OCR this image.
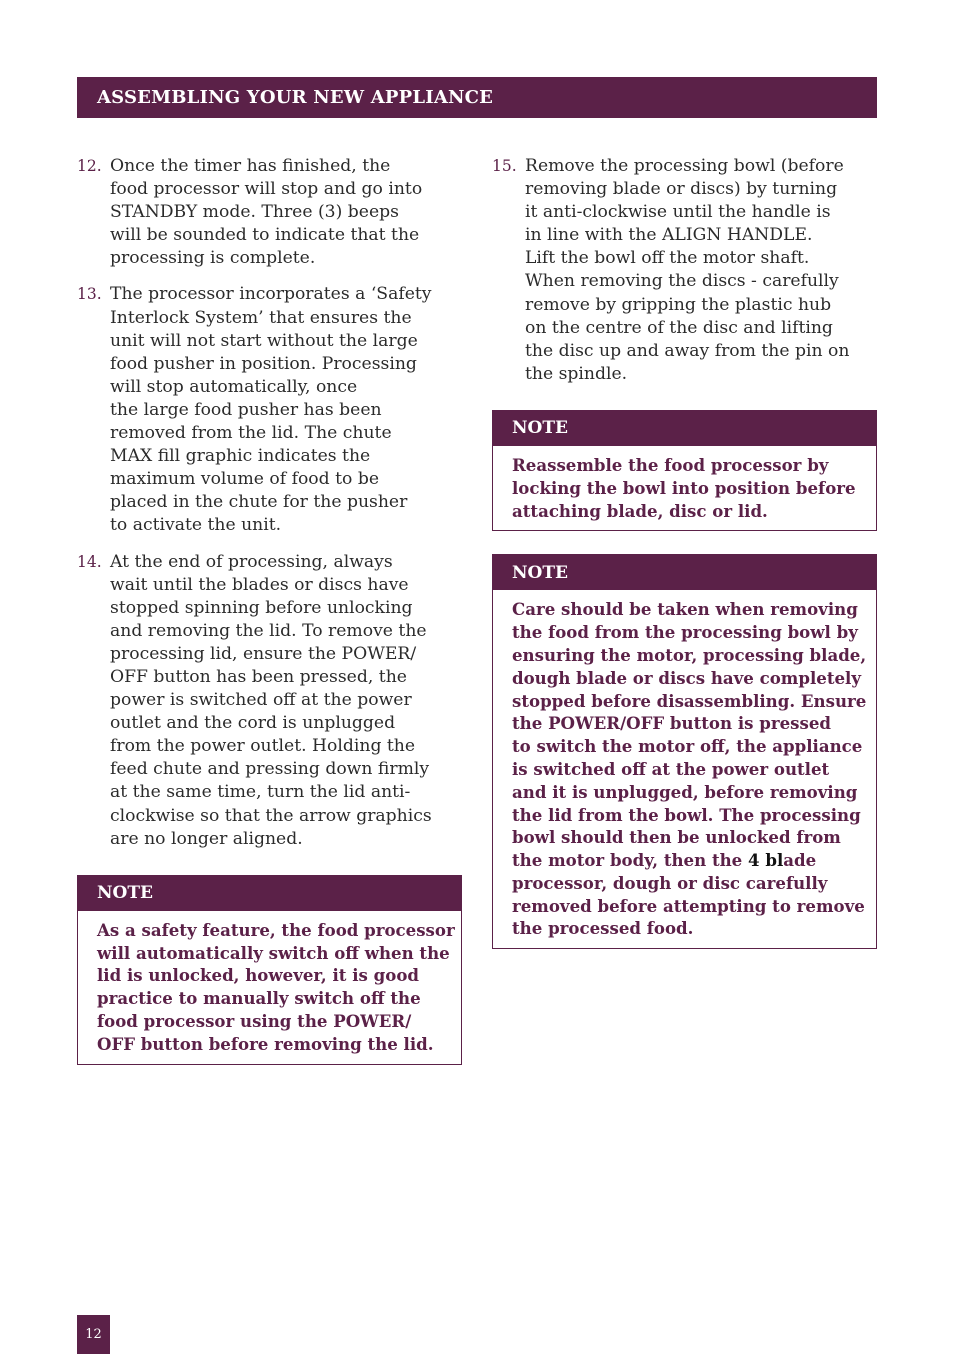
ASSEMBLING YOUR NEW APPLIANCE
12. Once the timer has finished, the
food processor will stop and go into
STANDBY mode. Three (3) beeps
will be sounded to indicate that the
processing is complete.
13. The processor incorporates a ‘Safety
Interlock System’ that ensures the
unit will not start without the large
food pusher in position. Processing
will stop automatically, once
the large food pusher has been
removed from the lid. The chute
MAX fill graphic indicates the
maximum volume of food to be
placed in the chute for the pusher
to activate the unit.
14. At the end of processing, always
wait until the blades or discs have
stopped spinning before unlocking
and removing the lid. To remove the
processing lid, ensure the POWER/
OFF button has been pressed, the
power is switched off at the power
outlet and the cord is unplugged
from the power outlet. Holding the
feed chute and pressing down firmly
at the same time, turn the lid anti-
clockwise so that the arrow graphics
are no longer aligned.
NOTE
As a safety feature, the food processor
will automatically switch off when the
lid is unlocked, however, it is good
practice to manually switch off the
food processor using the POWER/
OFF button before removing the lid.
15. Remove the processing bowl (before
removing blade or discs) by turning
it anti-clockwise until the handle is
in line with the ALIGN HANDLE.
Lift the bowl off the motor shaft.
When removing the discs - carefully
remove by gripping the plastic hub
on the centre of the disc and lifting
the disc up and away from the pin on
the spindle.
NOTE
Reassemble the food processor by
locking the bowl into position before
attaching blade, disc or lid.
NOTE
Care should be taken when removing
the food from the processing bowl by
ensuring the motor, processing blade,
dough blade or discs have completely
stopped before disassembling. Ensure
the POWER/OFF button is pressed
to switch the motor off, the appliance
is switched off at the power outlet
and it is unplugged, before removing
the lid from the bowl. The processing
bowl should then be unlocked from
the motor body, then the 4 blade
processor, dough or disc carefully
removed before attempting to remove
the processed food.
12
